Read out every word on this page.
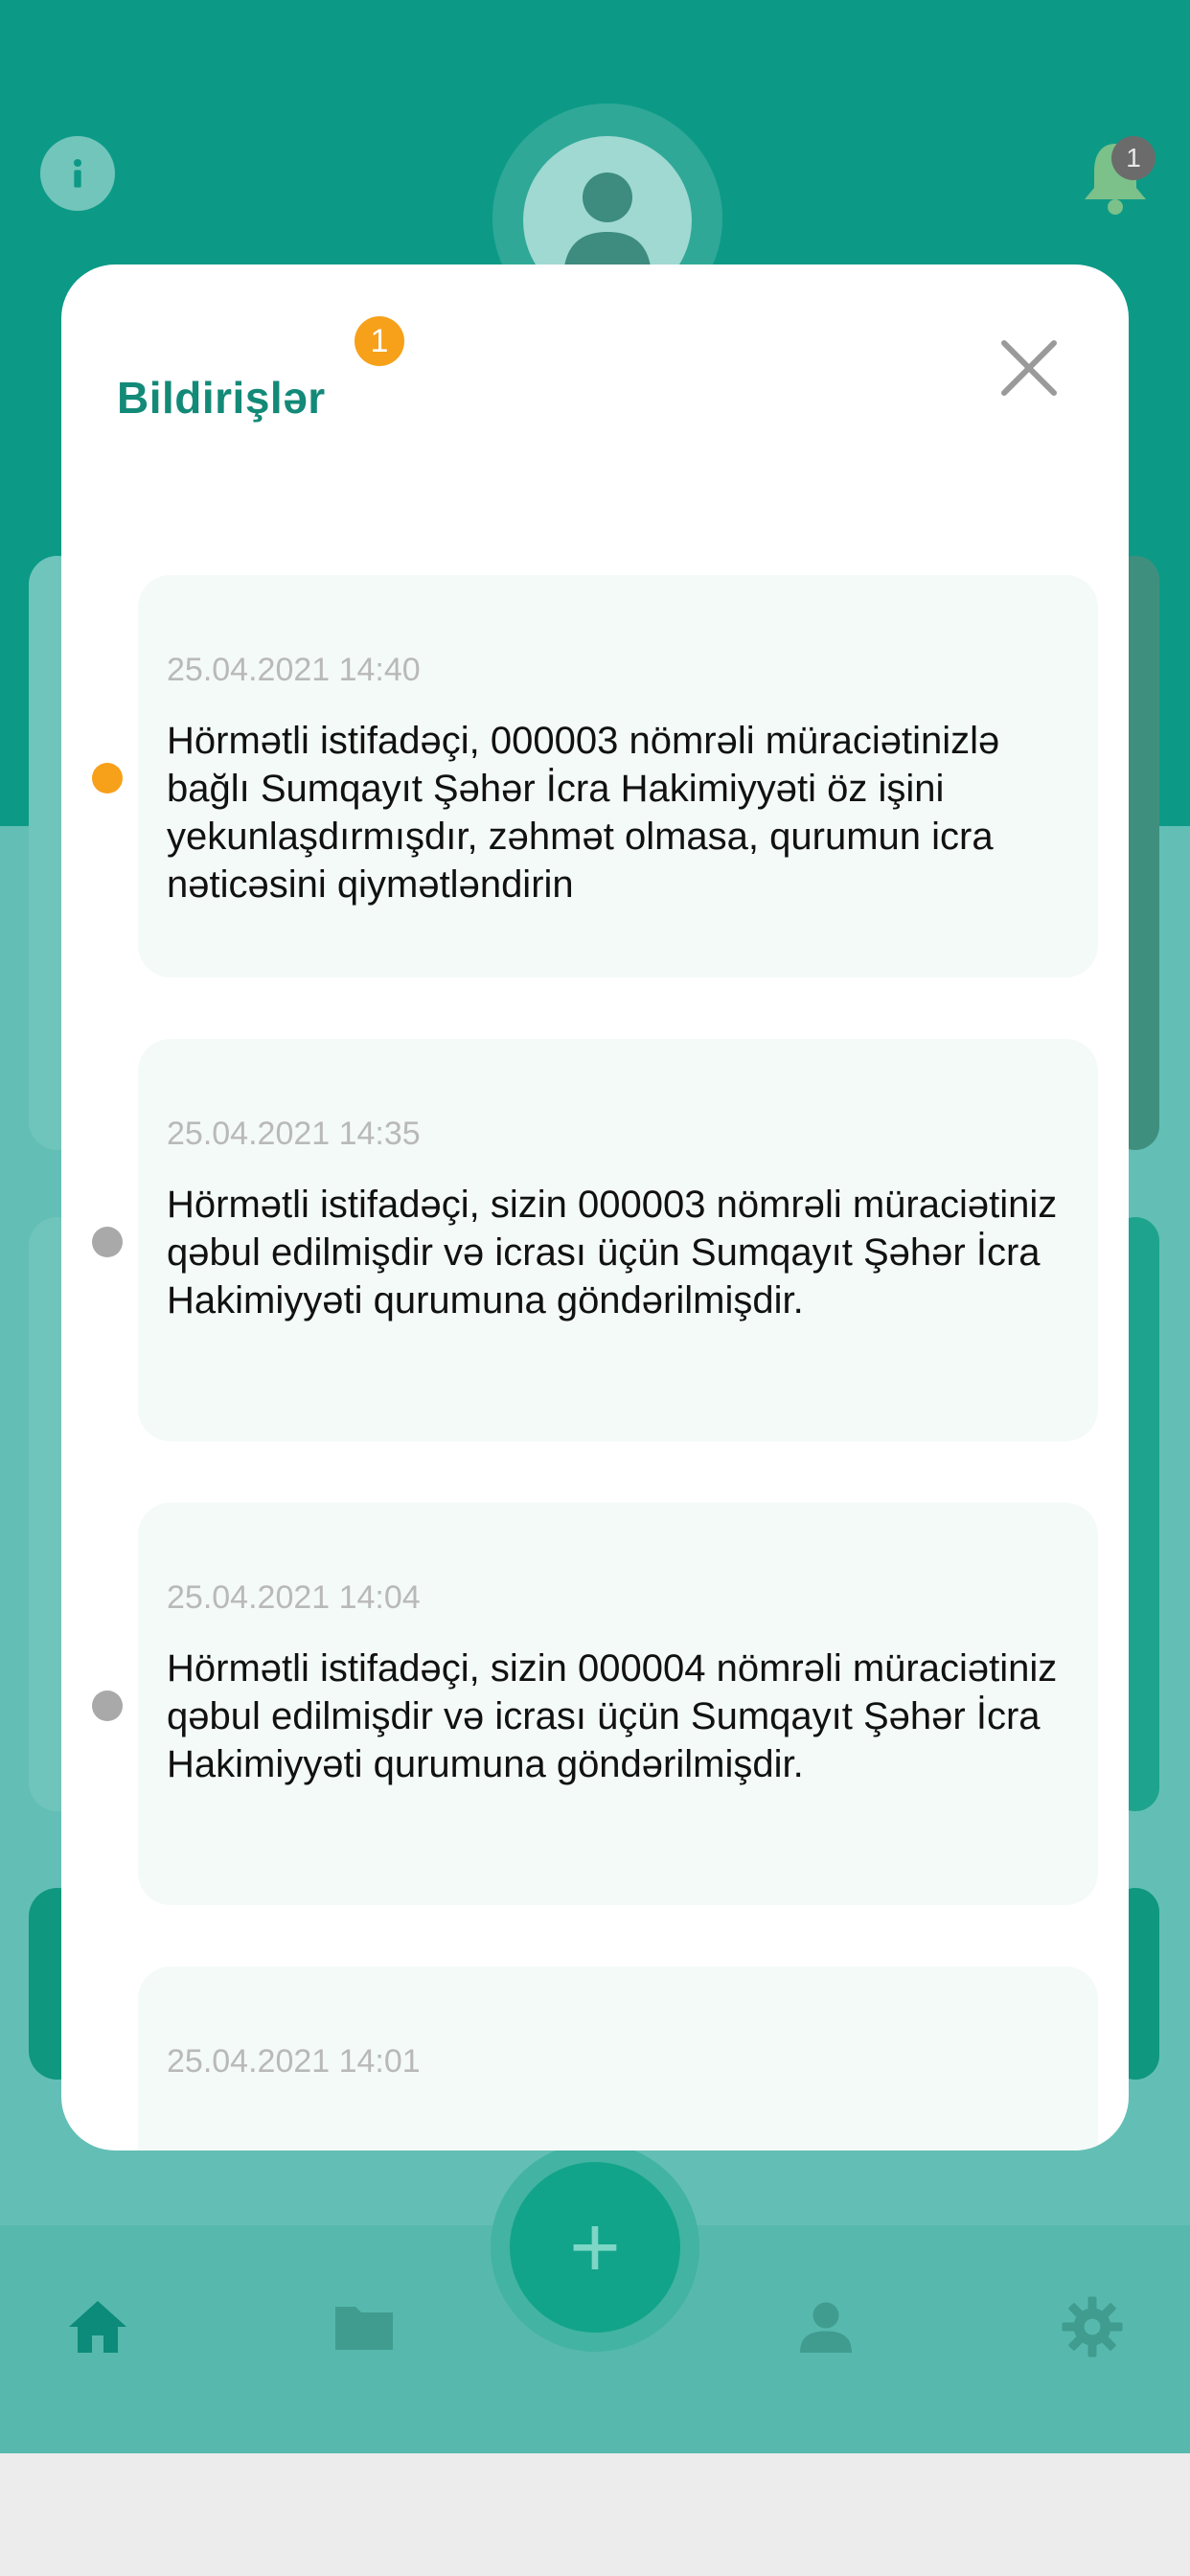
1
+
Bildirişlər
1
25.04.2021 14:40
Hörmətli istifadəçi, 000003 nömrəli müraciətinizlə bağlı Sumqayıt Şəhər İcra Hakimiyyəti öz işini yekunlaşdırmışdır, zəhmət olmasa, qurumun icra nəticəsini qiymətləndirin
25.04.2021 14:35
Hörmətli istifadəçi, sizin 000003 nömrəli müraciətiniz qəbul edilmişdir və icrası üçün Sumqayıt Şəhər İcra Hakimiyyəti qurumuna göndərilmişdir.
25.04.2021 14:04
Hörmətli istifadəçi, sizin 000004 nömrəli müraciətiniz qəbul edilmişdir və icrası üçün Sumqayıt Şəhər İcra Hakimiyyəti qurumuna göndərilmişdir.
25.04.2021 14:01
